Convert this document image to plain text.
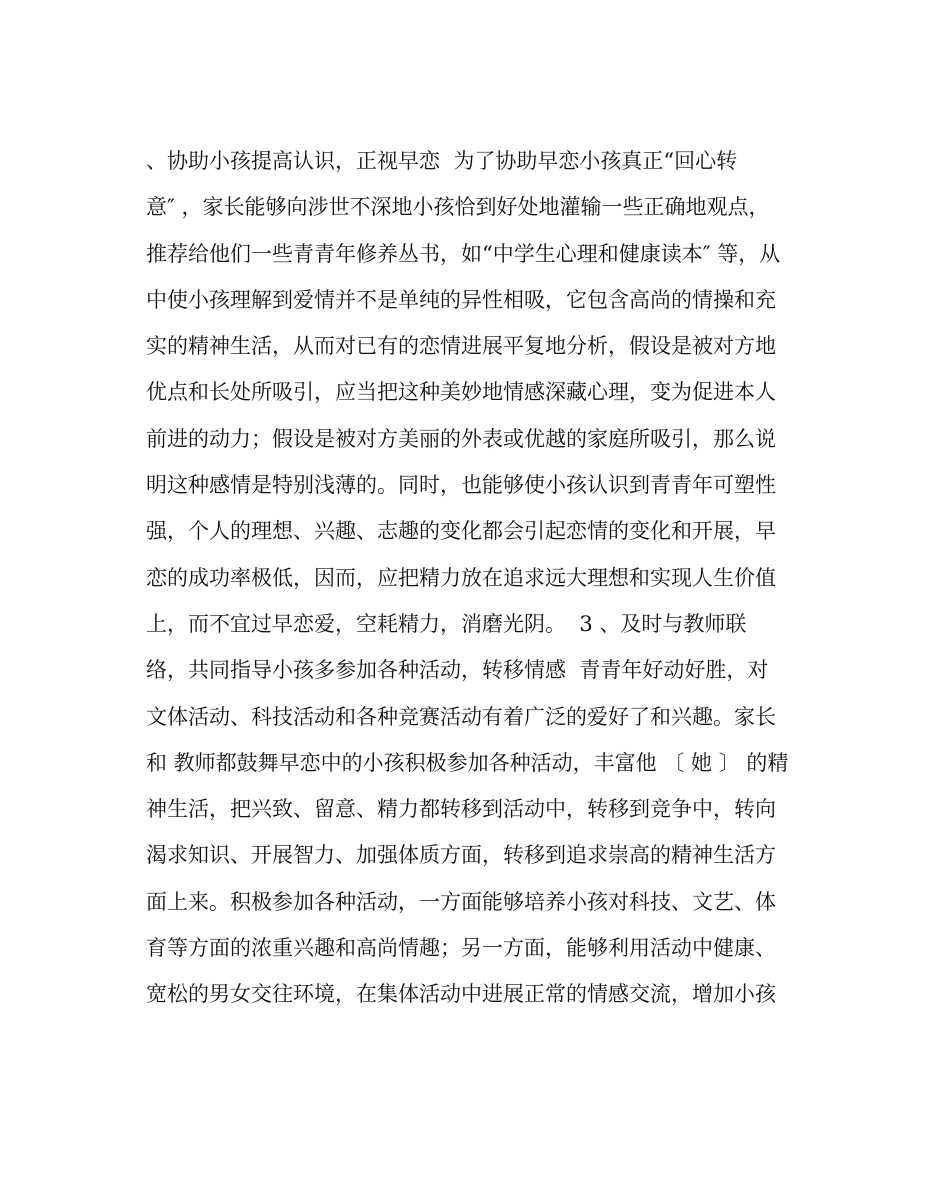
、协助小孩提高认识，正视早恋  为了协助早恋小孩真正“回心转
意″ ，家长能够向涉世不深地小孩恰到好处地灌输一些正确地观点，
推荐给他们一些青青年修养丛书，如“中学生心理和健康读本″ 等，从
中使小孩理解到爱情并不是单纯的异性相吸，它包含高尚的情操和充
实的精神生活，从而对已有的恋情进展平复地分析，假设是被对方地
优点和长处所吸引，应当把这种美妙地情感深藏心理，变为促进本人
前进的动力；假设是被对方美丽的外表或优越的家庭所吸引，那么说
明这种感情是特别浅薄的。同时，也能够使小孩认识到青青年可塑性
强，个人的理想、兴趣、志趣的变化都会引起恋情的变化和开展，早
恋的成功率极低，因而，应把精力放在追求远大理想和实现人生价值
上，而不宜过早恋爱，空耗精力，消磨光阴。  3 、及时与教师联
络，共同指导小孩多参加各种活动，转移情感  青青年好动好胜，对
文体活动、科技活动和各种竞赛活动有着广泛的爱好了和兴趣。家长
和 教师都鼓舞早恋中的小孩积极参加各种活动，丰富他 〔 她 〕 的精
神生活，把兴致、留意、精力都转移到活动中，转移到竞争中，转向
渴求知识、开展智力、加强体质方面，转移到追求崇高的精神生活方
面上来。积极参加各种活动，一方面能够培养小孩对科技、文艺、体
育等方面的浓重兴趣和高尚情趣；另一方面，能够利用活动中健康、
宽松的男女交往环境，在集体活动中进展正常的情感交流，增加小孩
